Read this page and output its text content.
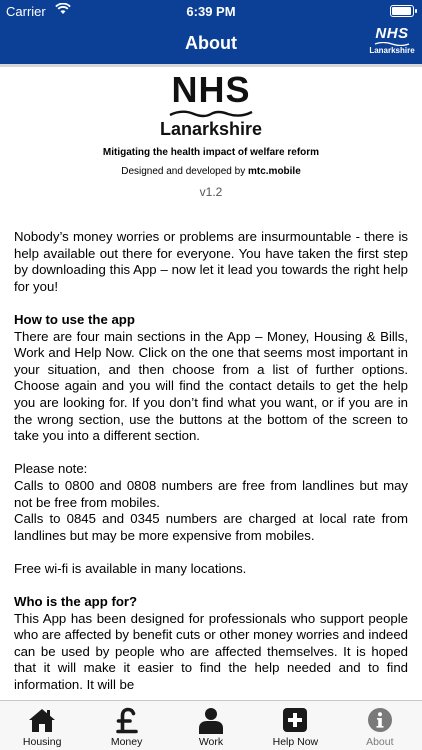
Carrier	6:39 PM
About	NHS
Lanarkshire
NHS
Lanarkshire
Mitigating the health impact of welfare reform
Designed and developed by mtc.mobile
v1.2

Nobody’s money worries or problems are insurmountable - there is help available out there for everyone. You have taken the first step by downloading this App – now let it lead you towards the right help for you!

How to use the app

There are four main sections in the App – Money, Housing & Bills, Work and Help Now. Click on the one that seems most important in your situation, and then choose from a list of further options. Choose again and you will find the contact details to get the help you are looking for. If you don’t find what you want, or if you are in the wrong section, use the buttons at the bottom of the screen to take you into a different section.

Please note:

Calls to 0800 and 0808 numbers are free from landlines but may not be free from mobiles.

Calls to 0845 and 0345 numbers are charged at local rate from landlines but may be more expensive from mobiles.

Free wi-fi is available in many locations.

Who is the app for?

This App has been designed for professionals who support people who are affected by benefit cuts or other money worries and indeed can be used by people who are affected themselves. It is hoped that it will make it easier to find the help needed and to find information. It will be

Housing	Money	Work	Help Now	About
